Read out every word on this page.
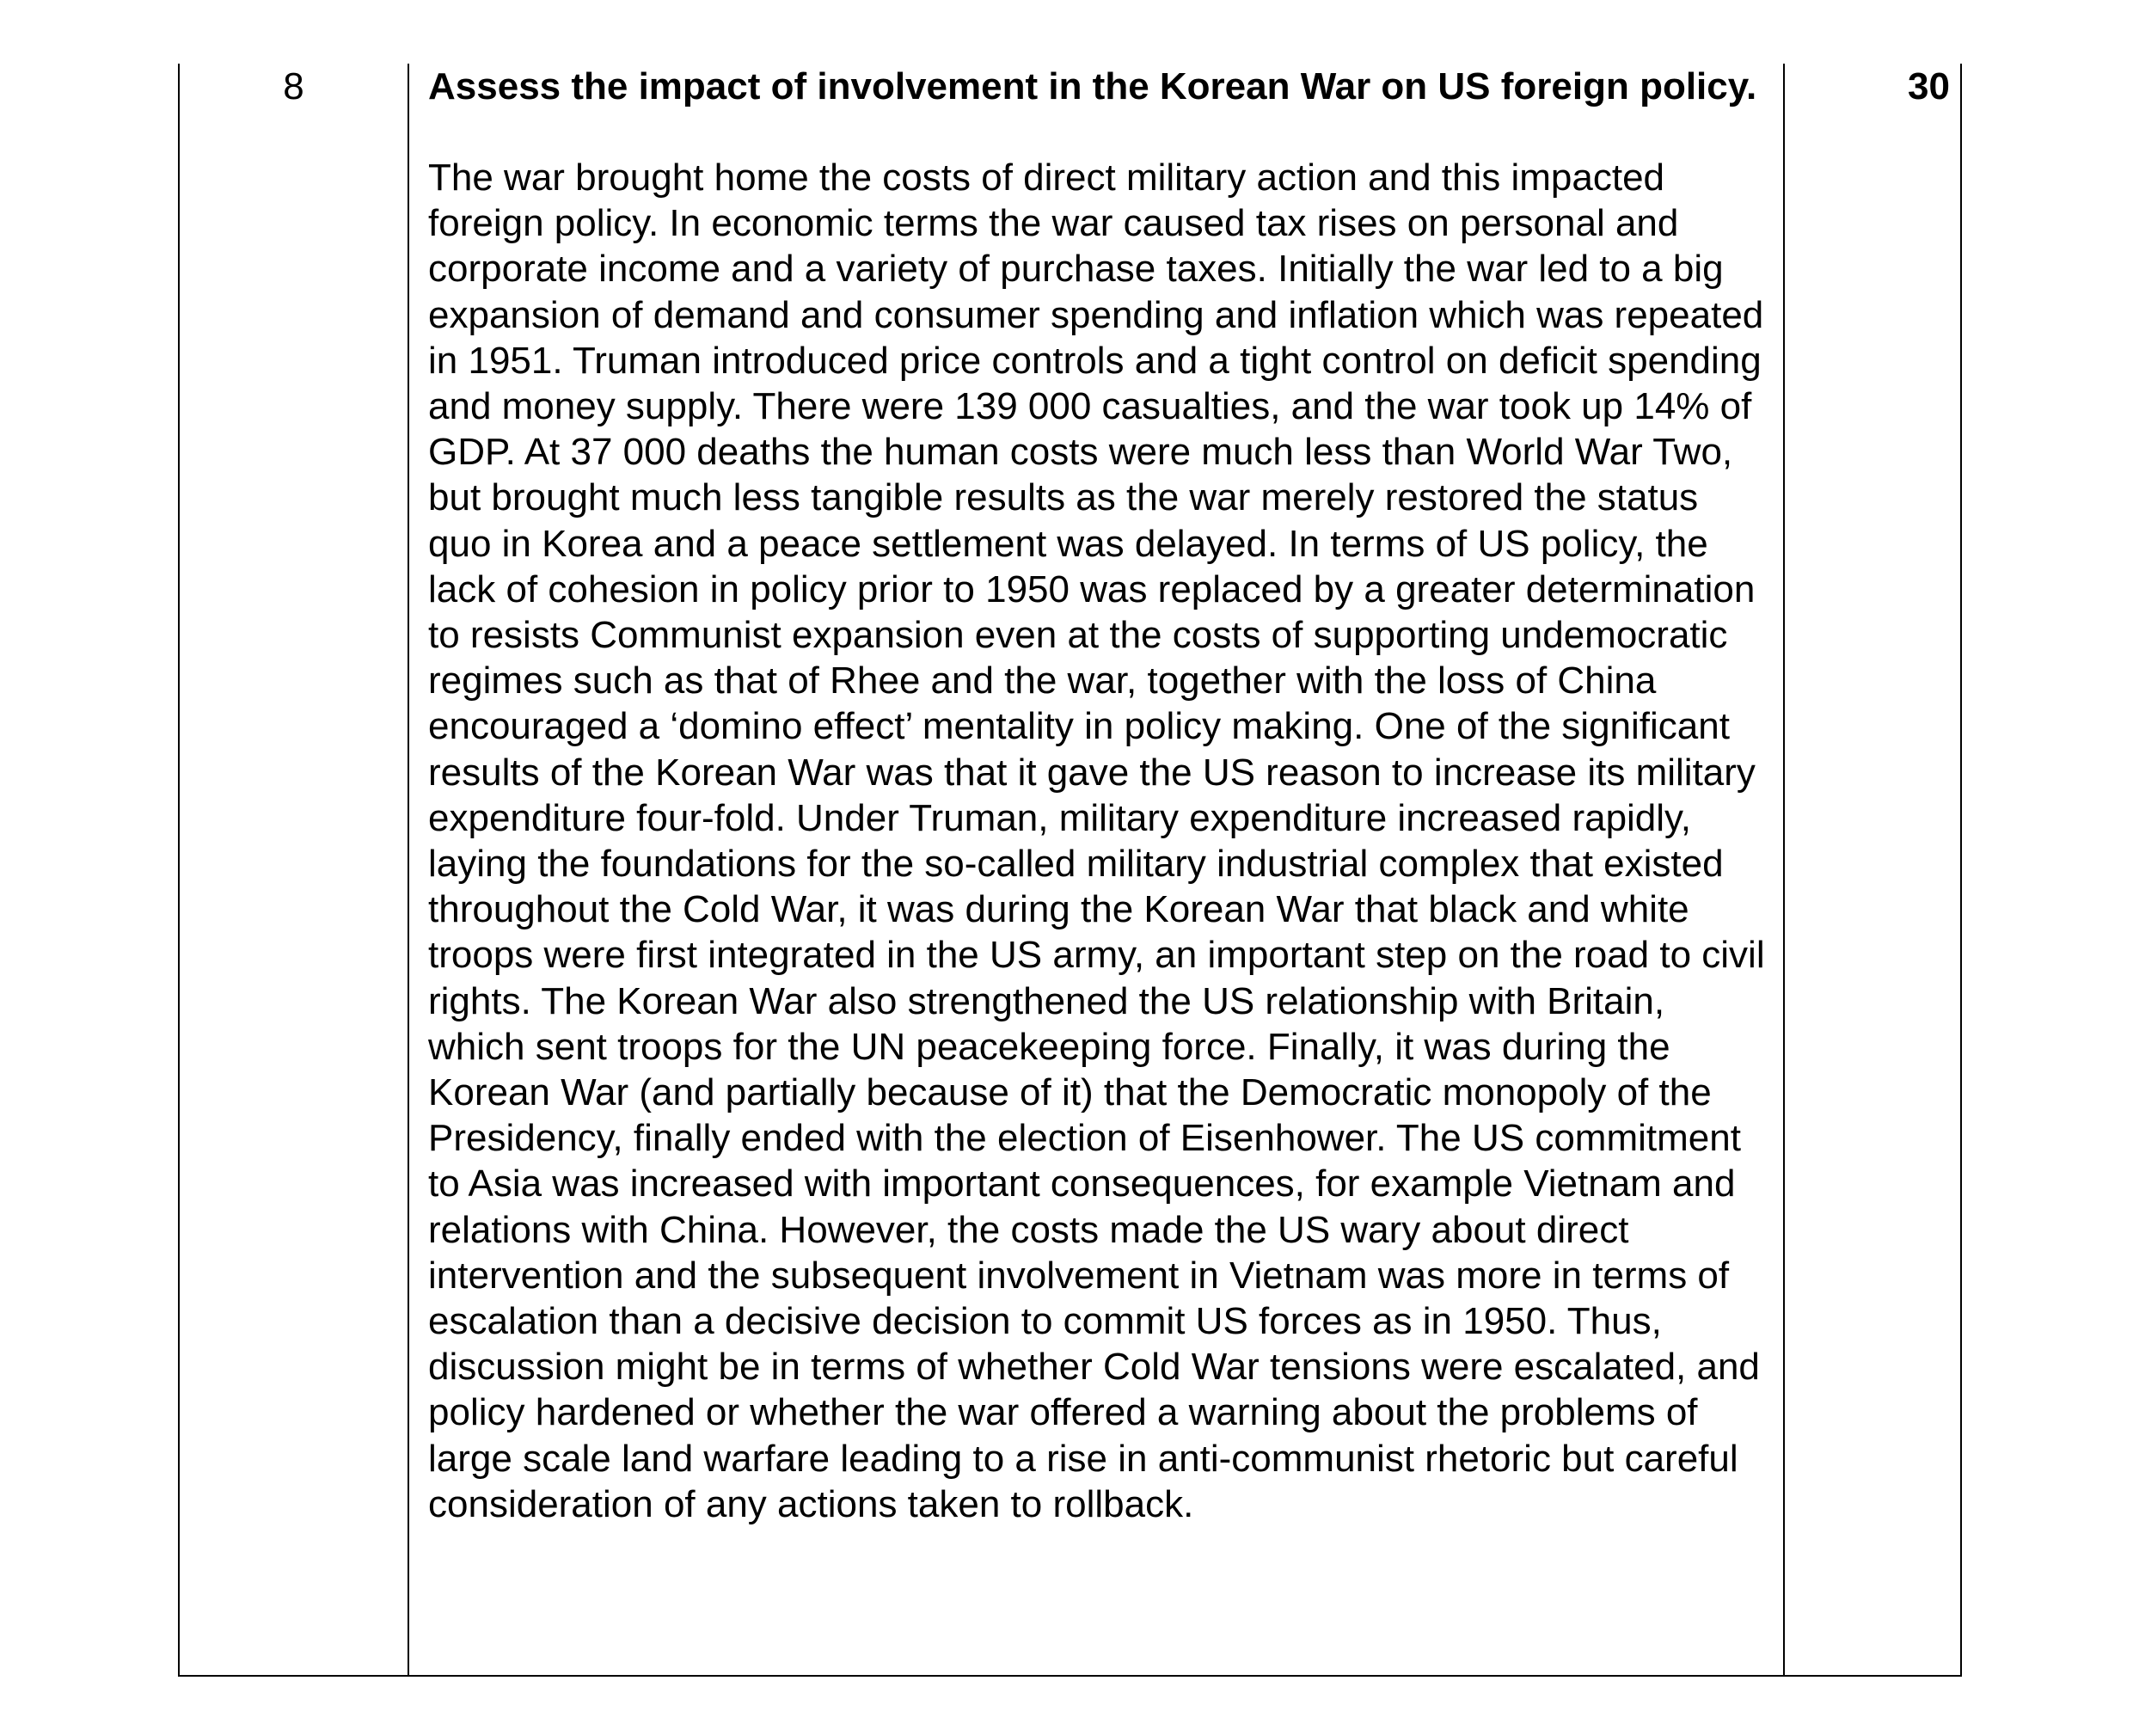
8	Assess the impact of involvement in the Korean War on US foreign policy.

The war brought home the costs of direct military action and this impacted foreign policy. In economic terms the war caused tax rises on personal and corporate income and a variety of purchase taxes. Initially the war led to a big expansion of demand and consumer spending and inflation which was repeated in 1951. Truman introduced price controls and a tight control on deficit spending and money supply. There were 139 000 casualties, and the war took up 14% of GDP. At 37 000 deaths the human costs were much less than World War Two, but brought much less tangible results as the war merely restored the status quo in Korea and a peace settlement was delayed. In terms of US policy, the lack of cohesion in policy prior to 1950 was replaced by a greater determination to resists Communist expansion even at the costs of supporting undemocratic regimes such as that of Rhee and the war, together with the loss of China encouraged a ‘domino effect’ mentality in policy making. One of the significant results of the Korean War was that it gave the US reason to increase its military expenditure four-fold. Under Truman, military expenditure increased rapidly, laying the foundations for the so-called military industrial complex that existed throughout the Cold War, it was during the Korean War that black and white troops were first integrated in the US army, an important step on the road to civil rights. The Korean War also strengthened the US relationship with Britain, which sent troops for the UN peacekeeping force. Finally, it was during the Korean War (and partially because of it) that the Democratic monopoly of the Presidency, finally ended with the election of Eisenhower. The US commitment to Asia was increased with important consequences, for example Vietnam and relations with China. However, the costs made the US wary about direct intervention and the subsequent involvement in Vietnam was more in terms of escalation than a decisive decision to commit US forces as in 1950. Thus, discussion might be in terms of whether Cold War tensions were escalated, and policy hardened or whether the war offered a warning about the problems of large scale land warfare leading to a rise in anti-communist rhetoric but careful consideration of any actions taken to rollback.

30
